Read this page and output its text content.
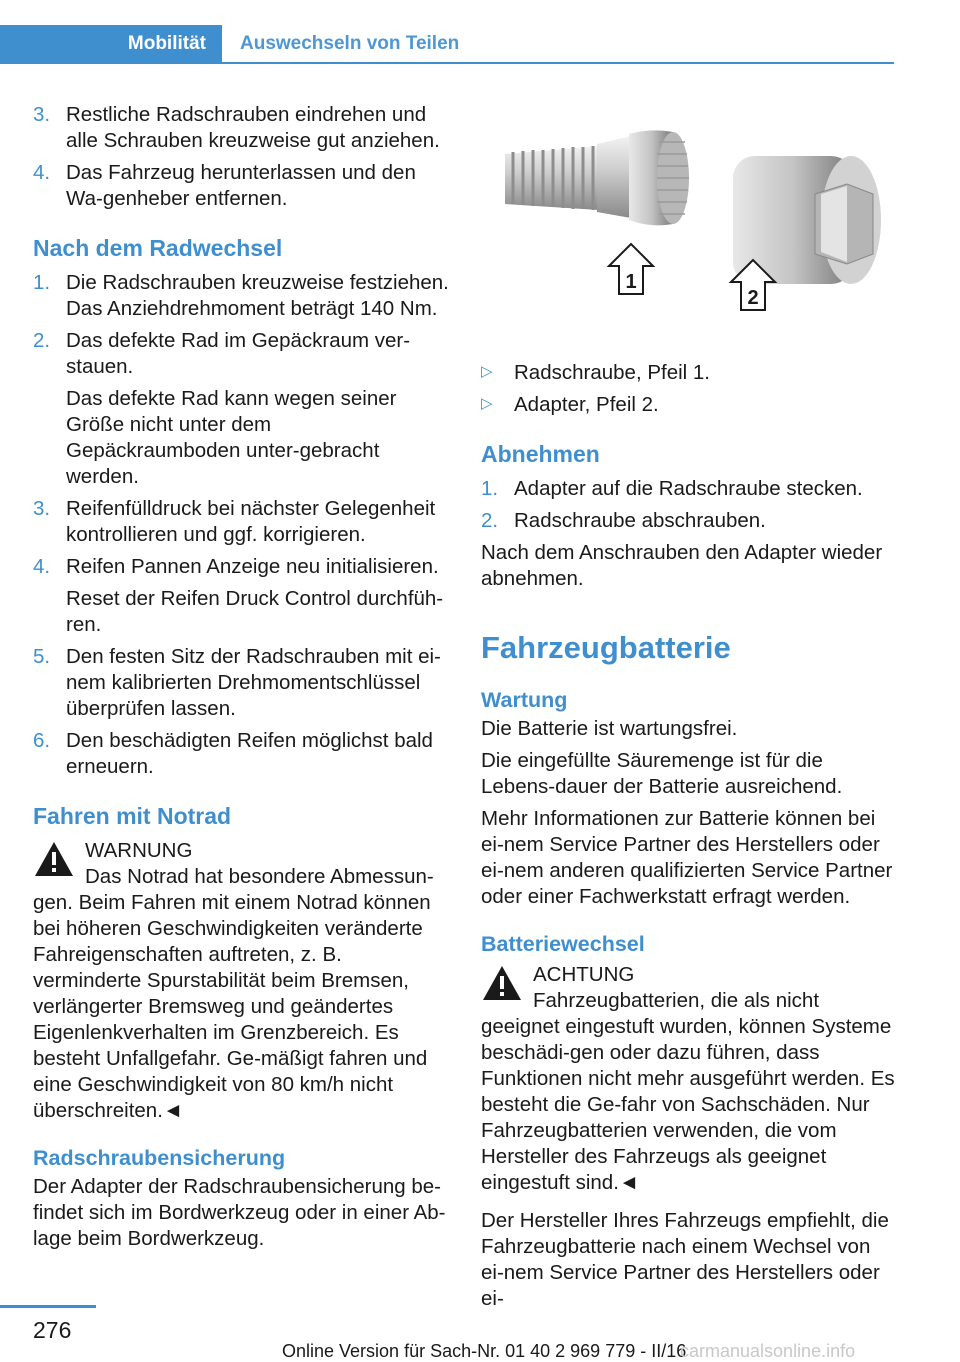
Mobilität	Auswechseln von Teilen
3. Restliche Radschrauben eindrehen und alle Schrauben kreuzweise gut anziehen.
4. Das Fahrzeug herunterlassen und den Wa-genheber entfernen.
Nach dem Radwechsel
1. Die Radschrauben kreuzweise festziehen. Das Anziehdrehmoment beträgt 140 Nm.
2. Das defekte Rad im Gepäckraum ver-stauen.
Das defekte Rad kann wegen seiner Größe nicht unter dem Gepäckraumboden unter-gebracht werden.
3. Reifenfülldruck bei nächster Gelegenheit kontrollieren und ggf. korrigieren.
4. Reifen Pannen Anzeige neu initialisieren.
Reset der Reifen Druck Control durchfüh-ren.
5. Den festen Sitz der Radschrauben mit ei-nem kalibrierten Drehmomentschlüssel überprüfen lassen.
6. Den beschädigten Reifen möglichst bald erneuern.
Fahren mit Notrad
WARNUNG
Das Notrad hat besondere Abmessun-gen. Beim Fahren mit einem Notrad können bei höheren Geschwindigkeiten veränderte Fahreigenschaften auftreten, z. B. verminderte Spurstabilität beim Bremsen, verlängerter Bremsweg und geändertes Eigenlenkverhalten im Grenzbereich. Es besteht Unfallgefahr. Ge-mäßigt fahren und eine Geschwindigkeit von 80 km/h nicht überschreiten.◄
Radschraubensicherung

Der Adapter der Radschraubensicherung be-findet sich im Bordwerkzeug oder in einer Ab-lage beim Bordwerkzeug.

1
2
▷ Radschraube, Pfeil 1.
▷ Adapter, Pfeil 2.
Abnehmen
1. Adapter auf die Radschraube stecken.
2. Radschraube abschrauben.

Nach dem Anschrauben den Adapter wieder abnehmen.

Fahrzeugbatterie
Wartung

Die Batterie ist wartungsfrei.

Die eingefüllte Säuremenge ist für die Lebens-dauer der Batterie ausreichend.

Mehr Informationen zur Batterie können bei ei-nem Service Partner des Herstellers oder ei-nem anderen qualifizierten Service Partner oder einer Fachwerkstatt erfragt werden.

Batteriewechsel
ACHTUNG
Fahrzeugbatterien, die als nicht geeignet eingestuft wurden, können Systeme beschädi-gen oder dazu führen, dass Funktionen nicht mehr ausgeführt werden. Es besteht die Ge-fahr von Sachschäden. Nur Fahrzeugbatterien verwenden, die vom Hersteller des Fahrzeugs als geeignet eingestuft sind.◄

Der Hersteller Ihres Fahrzeugs empfiehlt, die Fahrzeugbatterie nach einem Wechsel von ei-nem Service Partner des Herstellers oder ei-

276
Online Version für Sach-Nr. 01 40 2 969 779 - II/16
carmanualsonline.info
